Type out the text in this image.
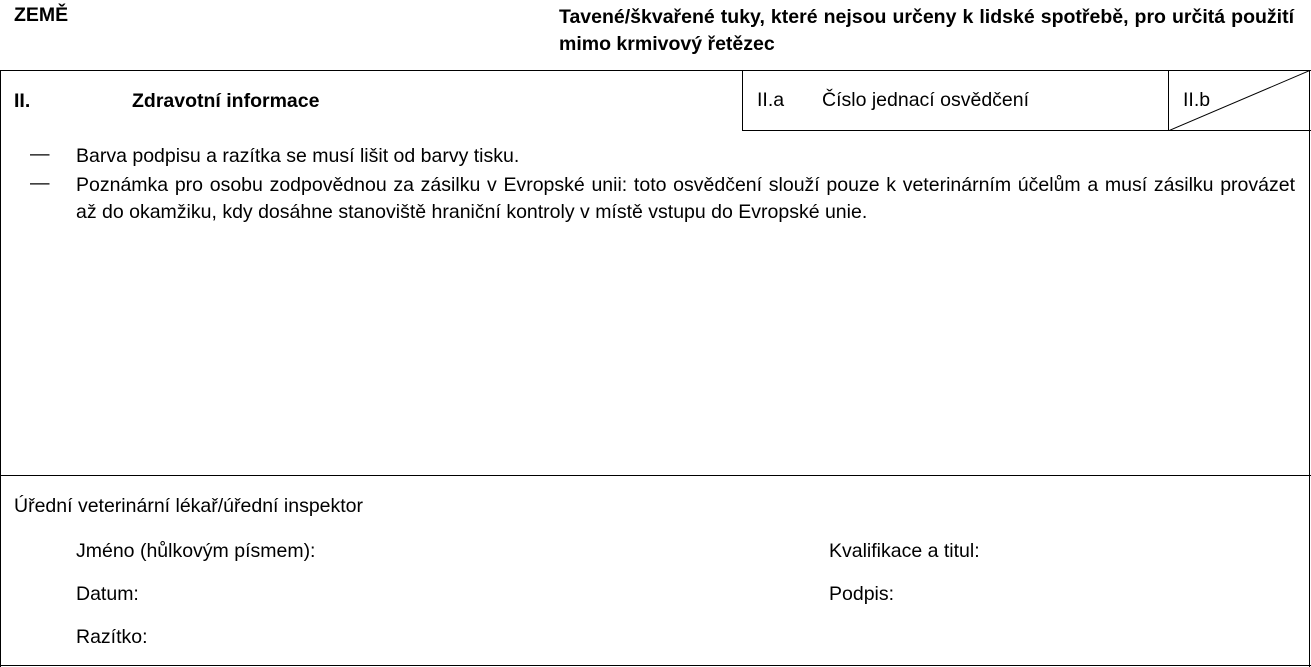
ZEMĚ	Tavené/škvařené tuky, které nejsou určeny k lidské spotřebě, pro určitá použití mimo krmivový řetězec
II.	Zdravotní informace	II.a Číslo jednací osvědčení	II.b
— Barva podpisu a razítka se musí lišit od barvy tisku.
— Poznámka pro osobu zodpovědnou za zásilku v Evropské unii: toto osvědčení slouží pouze k veterinárním účelům a musí zásilku provázet až do okamžiku, kdy dosáhne stanoviště hraniční kontroly v místě vstupu do Evropské unie.
Úřední veterinární lékař/úřední inspektor
Jméno (hůlkovým písmem):	Kvalifikace a titul:
Datum:	Podpis:
Razítko:
